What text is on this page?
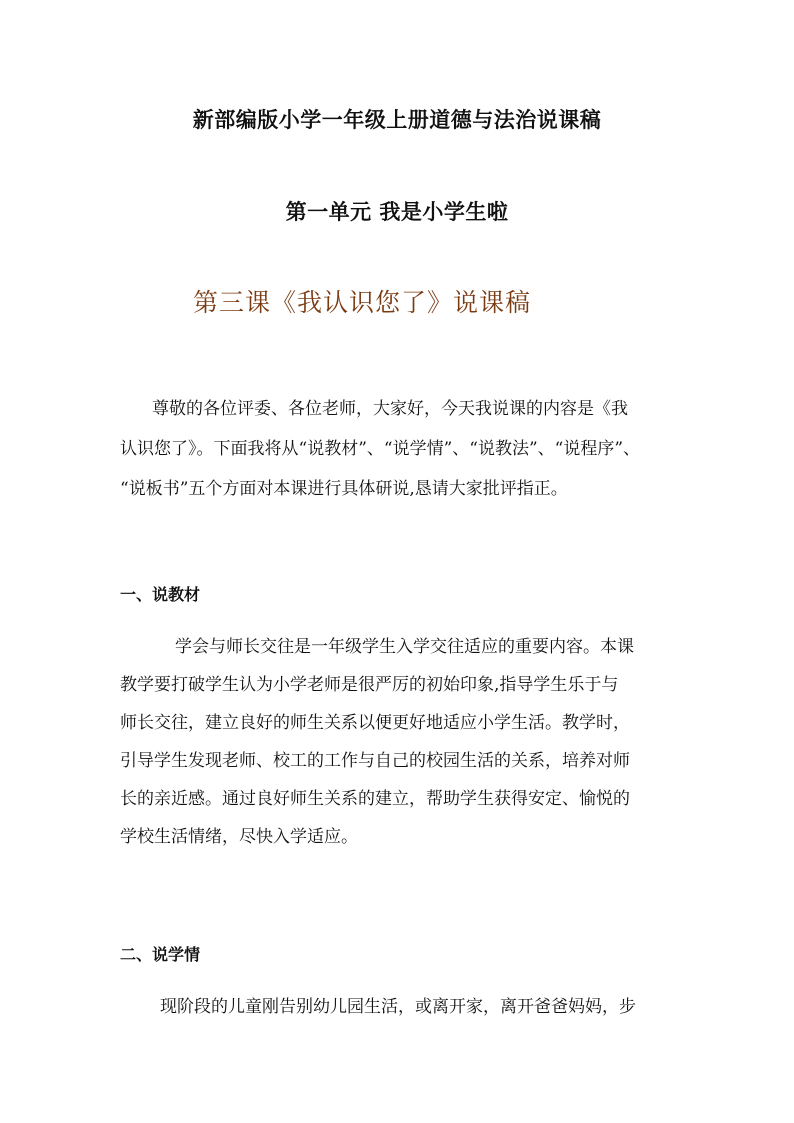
新部编版小学一年级上册道德与法治说课稿
第一单元 我是小学生啦
第三课《我认识您了》说课稿

尊敬的各位评委、各位老师，大家好，今天我说课的内容是《我

认识您了》。下面我将从“说教材”、“说学情”、“说教法”、“说程序”、

“说板书”五个方面对本课进行具体研说,恳请大家批评指正。

一、说教材

学会与师长交往是一年级学生入学交往适应的重要内容。本课

教学要打破学生认为小学老师是很严厉的初始印象,指导学生乐于与

师长交往，建立良好的师生关系以便更好地适应小学生活。教学时，

引导学生发现老师、校工的工作与自己的校园生活的关系，培养对师

长的亲近感。通过良好师生关系的建立，帮助学生获得安定、愉悦的

学校生活情绪，尽快入学适应。

二、说学情

现阶段的儿童刚告别幼儿园生活，或离开家，离开爸爸妈妈，步
